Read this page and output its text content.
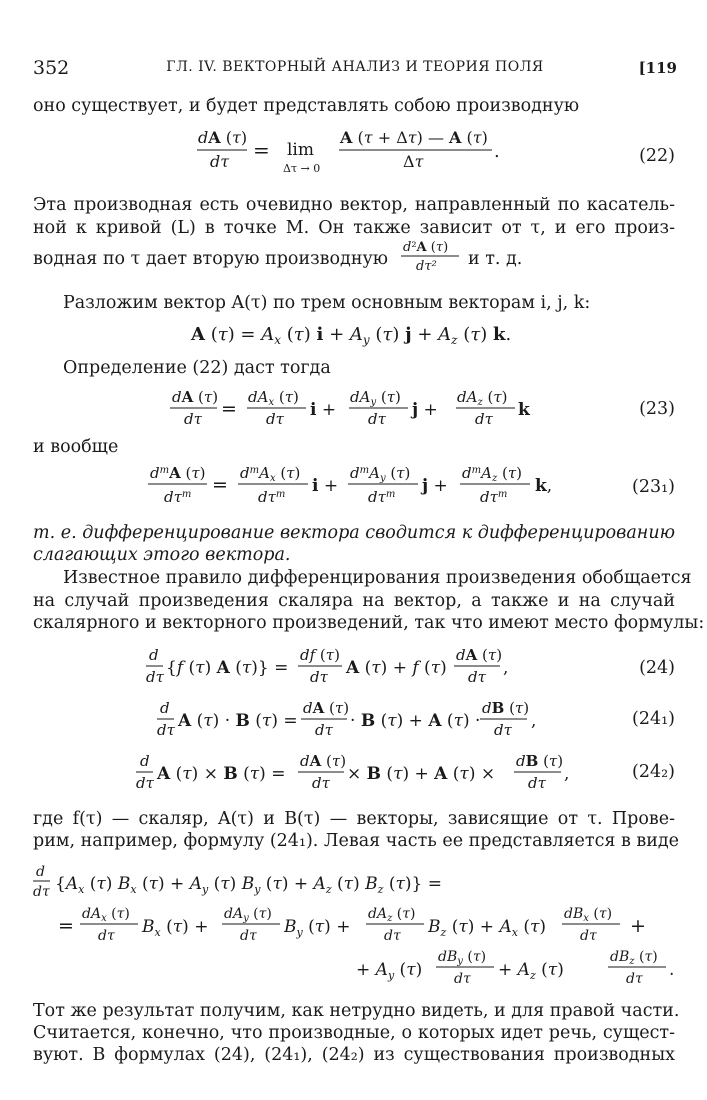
352	ГЛ. IV. ВЕКТОРНЫЙ АНАЛИЗ И ТЕОРИЯ ПОЛЯ	[119
оно существует, и будет представлять собою производную
dA (τ)
dτ = lim
Δτ → 0
A (τ + Δτ) — A (τ)
Δτ	.	(22)
Эта производная есть очевидно вектор, направленный по касатель-
ной к кривой (L) в точке M. Он также зависит от τ, и его произ-
водная по τ дает вторую производную
d²A (τ)
dτ² и т. д.
Разложим вектор A(τ) по трем основным векторам i, j, k:
A $(\tau) = A_x$ (τ) $i + A_y$ (τ) $j + A_z$ (τ) k.
Определение (22) даст тогда
dA (τ)
dτ =
$dA_x$ (τ)
dτ i +
$dA_y$ (τ)
dτ j +
$dA_z$ (τ)
dτ k	(23)
и вообще
$d^mA$ (τ)
$d\tau^m$ =
$d^mA_x$ (τ)
$d\tau^m$ i +
$d^mA_y$ (τ)
$d\tau^m$ j +
$d^mA_z$ (τ)
$d\tau^m$ k,	(23₁)
т. е. дифференцирование вектора сводится к дифференцированию
слагающих этого вектора.
Известное правило дифференцирования произведения обобщается
на случай произведения скаляра на вектор, а также и на случай
скалярного и векторного произведений, так что имеют место формулы:
d
dτ {f (τ) A (τ)} =
df (τ)
dτ A (τ) + f (τ)
dA (τ)
dτ ,	(24)
d
dτ A (τ) · B (τ) =
dA (τ)
dτ · B (τ) + A (τ) ·
dB (τ)
dτ ,	(24₁)
d
dτ A (τ) × B (τ) =
dA (τ)
dτ × B (τ) + A (τ) ×
dB (τ)
dτ ,	(24₂)
где f(τ) — скаляр, A(τ) и B(τ) — векторы, зависящие от τ. Прове-
рим, например, формулу (24₁). Левая часть ее представляется в виде
d
dτ {$A_x$ (τ) $B_x$ $(\tau) + A_y$ (τ) $B_y$ $(\tau) + A_z$ (τ) $B_z$ (τ)} =
=
$dA_x$ (τ)
dτ $B_x$ (τ) +
$dA_y$ (τ)
dτ $B_y$ (τ) +
$dA_z$ (τ)
dτ $B_z$ $(\tau) + A_x$ (τ)
$dB_x$ (τ)
dτ +
+ $A_y$ (τ)
$dB_y$ (τ)
$d\tau + A_z$ (τ)
$dB_z$ (τ)
dτ .
Тот же результат получим, как нетрудно видеть, и для правой части.
Считается, конечно, что производные, о которых идет речь, сущест-
вуют. В формулах (24), (24₁), (24₂) из существования производных
